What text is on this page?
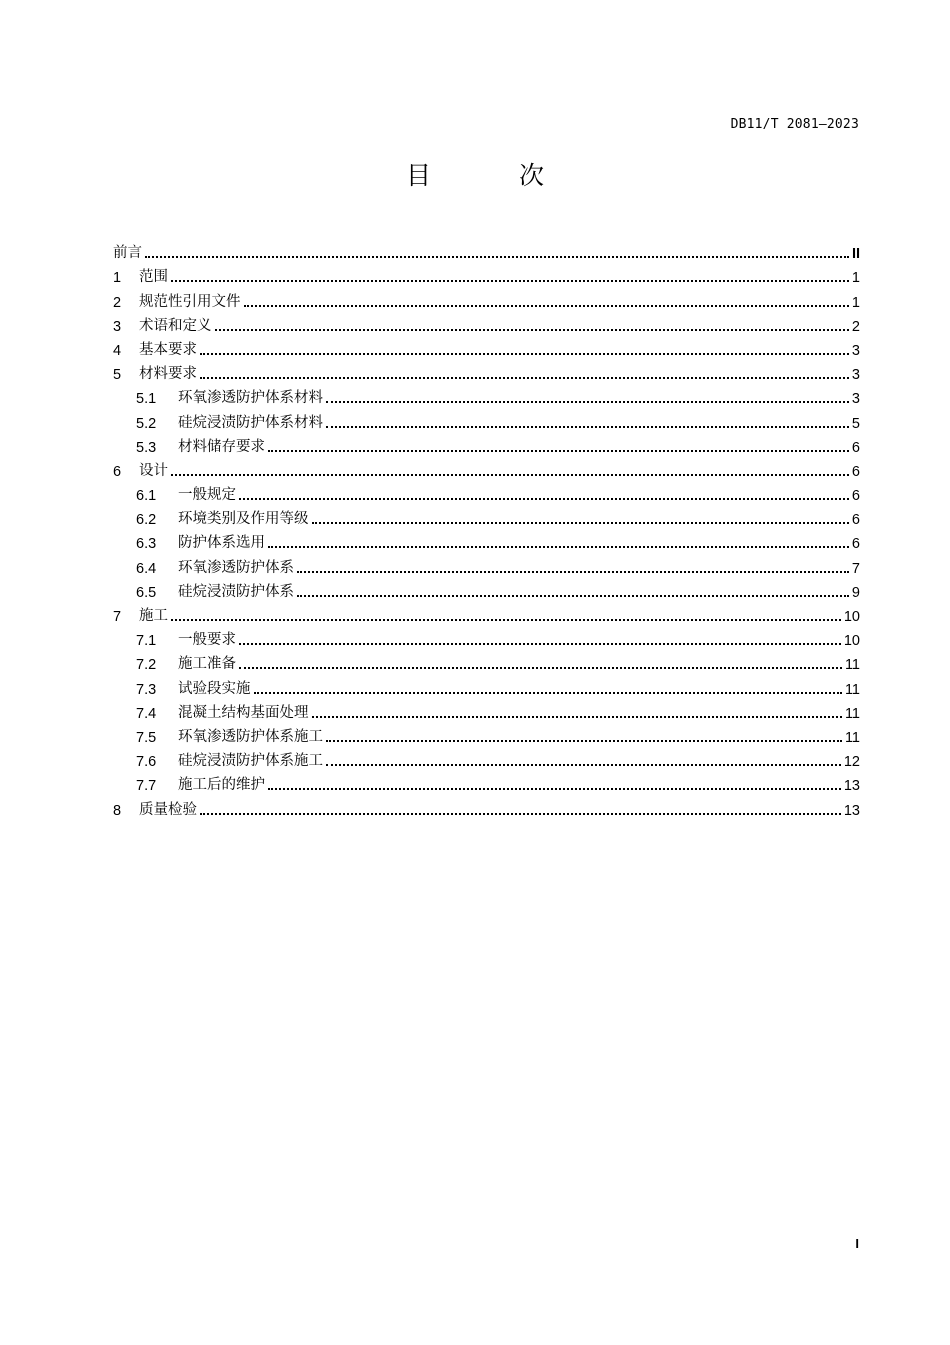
DB11/T 2081—2023
目 次
前言	II
1	范围	1
2	规范性引用文件	1
3	术语和定义	2
4	基本要求	3
5	材料要求	3
5.1	环氧渗透防护体系材料	3
5.2	硅烷浸渍防护体系材料	5
5.3	材料储存要求	6
6	设计	6
6.1	一般规定	6
6.2	环境类别及作用等级	6
6.3	防护体系选用	6
6.4	环氧渗透防护体系	7
6.5	硅烷浸渍防护体系	9
7	施工	10
7.1	一般要求	10
7.2	施工准备	11
7.3	试验段实施	11
7.4	混凝土结构基面处理	11
7.5	环氧渗透防护体系施工	11
7.6	硅烷浸渍防护体系施工	12
7.7	施工后的维护	13
8	质量检验	13
I
